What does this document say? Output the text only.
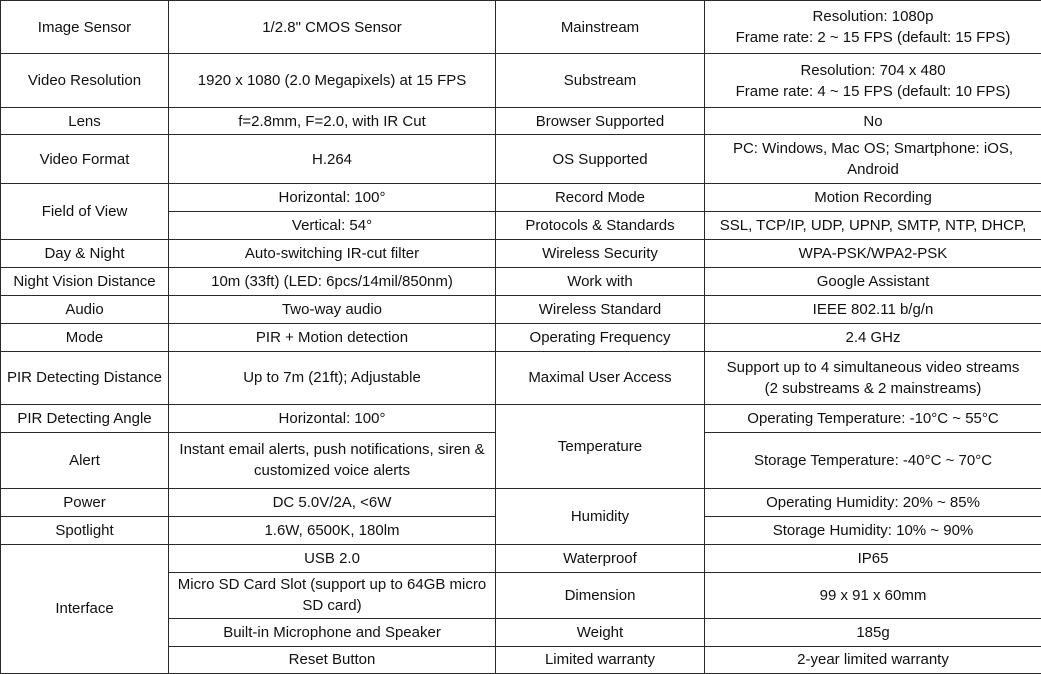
Image Sensor	1/2.8" CMOS Sensor	Mainstream	Resolution: 1080p
Frame rate: 2 ~ 15 FPS (default: 15 FPS)
Video Resolution	1920 x 1080 (2.0 Megapixels) at 15 FPS	Substream	Resolution: 704 x 480
Frame rate: 4 ~ 15 FPS (default: 10 FPS)
Lens	f=2.8mm, F=2.0, with IR Cut	Browser Supported	No
Video Format	H.264	OS Supported	PC: Windows, Mac OS; Smartphone: iOS, Android
Field of View	Horizontal: 100°	Record Mode	Motion Recording
	Vertical: 54°	Protocols & Standards	SSL, TCP/IP, UDP, UPNP, SMTP, NTP, DHCP,
Day & Night	Auto-switching IR-cut filter	Wireless Security	WPA-PSK/WPA2-PSK
Night Vision Distance	10m (33ft) (LED: 6pcs/14mil/850nm)	Work with	Google Assistant
Audio	Two-way audio	Wireless Standard	IEEE 802.11 b/g/n
Mode	PIR + Motion detection	Operating Frequency	2.4 GHz
PIR Detecting Distance	Up to 7m (21ft); Adjustable	Maximal User Access	Support up to 4 simultaneous video streams
(2 substreams & 2 mainstreams)
PIR Detecting Angle	Horizontal: 100°	Temperature	Operating Temperature: -10°C ~ 55°C
Alert	Instant email alerts, push notifications, siren & customized voice alerts		Storage Temperature: -40°C ~ 70°C
Power	DC 5.0V/2A, <6W	Humidity	Operating Humidity: 20% ~ 85%
Spotlight	1.6W, 6500K, 180lm		Storage Humidity: 10% ~ 90%
Interface	USB 2.0	Waterproof	IP65
	Micro SD Card Slot (support up to 64GB micro SD card)	Dimension	99 x 91 x 60mm
	Built-in Microphone and Speaker	Weight	185g
	Reset Button	Limited warranty	2-year limited warranty
